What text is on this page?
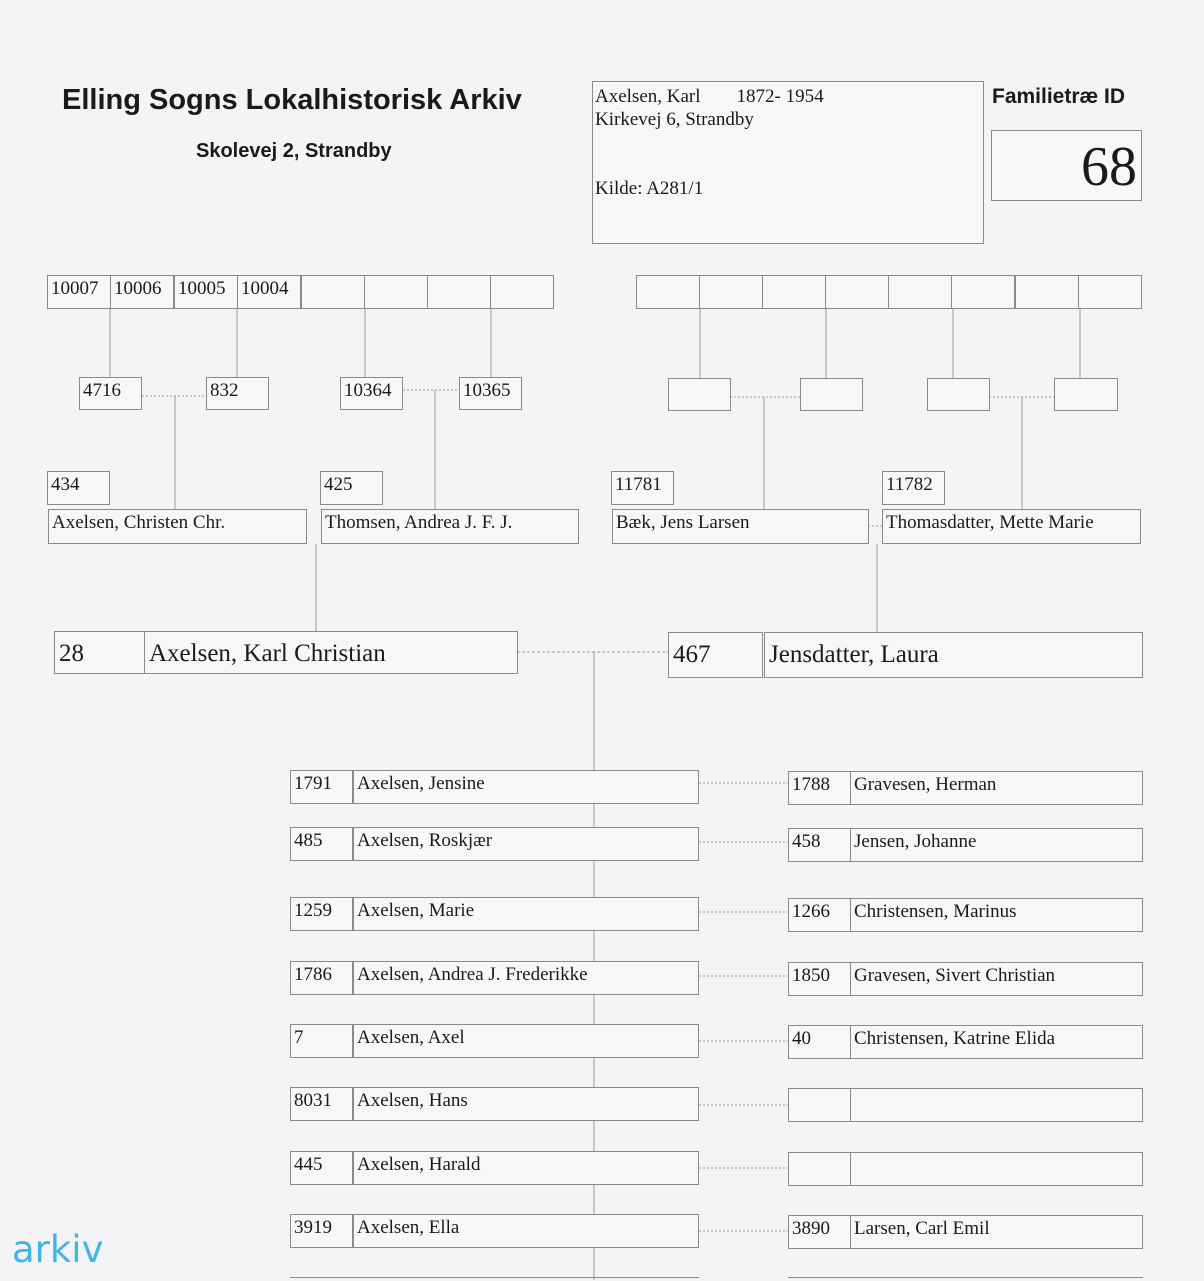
Elling Sogns Lokalhistorisk Arkiv
Skolevej 2, Strandby
Axelsen, Karl 1872- 1954
Kirkevej 6, Strandby
Kilde: A281/1
Familietræ ID
68
10007 10006 10005 10004
4716	832	10364	10365
434
Axelsen, Christen Chr.
425
Thomsen, Andrea J. F. J.
11781
Bæk, Jens Larsen
11782
Thomasdatter, Mette Marie
28	Axelsen, Karl Christian	467	Jensdatter, Laura
1791	Axelsen, Jensine	1788	Gravesen, Herman
485	Axelsen, Roskjær	458	Jensen, Johanne
1259	Axelsen, Marie	1266	Christensen, Marinus
1786	Axelsen, Andrea J. Frederikke	1850	Gravesen, Sivert Christian
7	Axelsen, Axel	40	Christensen, Katrine Elida
8031	Axelsen, Hans
445	Axelsen, Harald
3919	Axelsen, Ella	3890	Larsen, Carl Emil
arkiv
